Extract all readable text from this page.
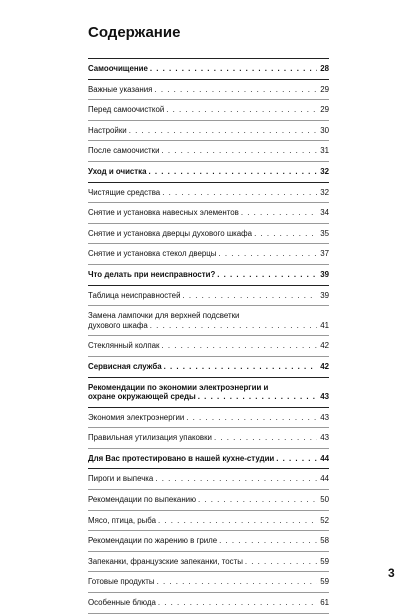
Содержание
Самоочищение . . .	28
Важные указания . . .	29
Перед самоочисткой . . .	29
Настройки . . .	30
После самоочистки . . .	31
Уход и очистка . . .	32
Чистящие средства . . .	32
Снятие и установка навесных элементов . . .	34
Снятие и установка дверцы духового шкафа . . .	35
Снятие и установка стекол дверцы . . .	37
Что делать при неисправности? . . .	39
Таблица неисправностей . . .	39
Замена лампочки для верхней подсветки
духового шкафа . . .	41
Стеклянный колпак . . .	42
Сервисная служба . . .	42
Рекомендации по экономии электроэнергии и
охране окружающей среды . . .	43
Экономия электроэнергии . . .	43
Правильная утилизация упаковки . . .	43
Для Вас протестировано в нашей кухне-студии . . .	44
Пироги и выпечка . . .	44
Рекомендации по выпеканию . . .	50
Мясо, птица, рыба . . .	52
Рекомендации по жарению в гриле . . .	58
Запеканки, французские запеканки, тосты . . .	59
Готовые продукты . . .	59
Особенные блюда . . .	61
3
